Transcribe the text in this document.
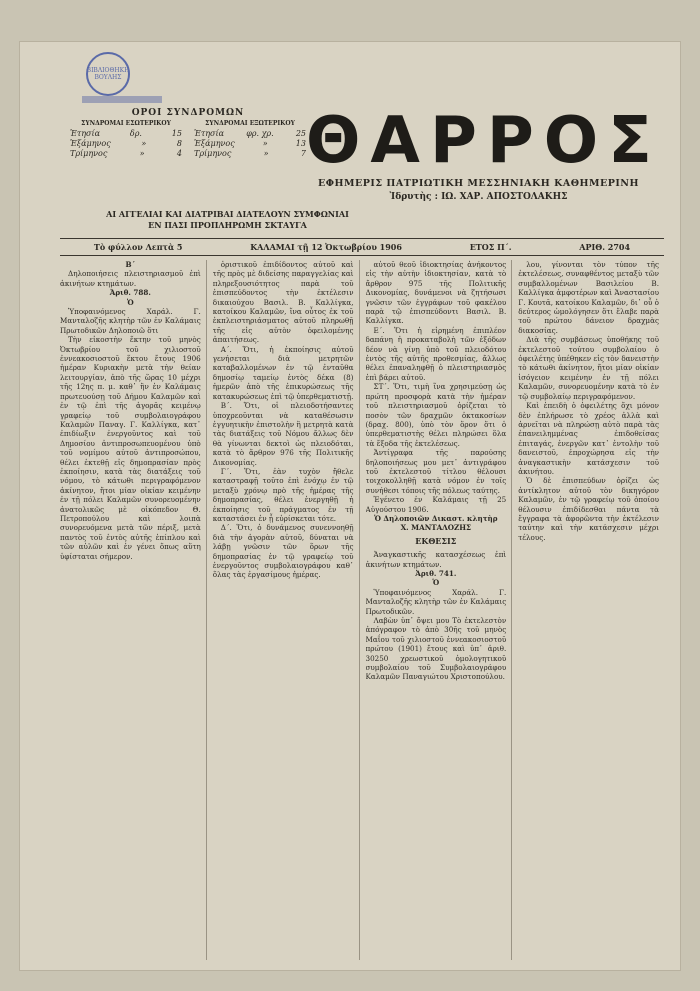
ΒΙΒΛΙΟΘΗΚΗ ΒΟΥΛΗΣ
ΟΡΟΙ ΣΥΝΔΡΟΜΩΝ
ΣΥΝΔΡΟΜΑΙ ΕΣΩΤΕΡΙΚΟΥ
Ἐτησία	δρ.	15
Ἑξάμηνος	»	8
Τρίμηνος	»	4
ΣΥΝΔΡΟΜΑΙ ΕΞΩΤΕΡΙΚΟΥ
Ἐτησία	φρ. χρ.	25
Ἑξάμηνος	»	13
Τρίμηνος	»	7 ΘΑΡΡΟΣ
ΕΦΗΜΕΡΙΣ ΠΑΤΡΙΩΤΙΚΗ ΜΕΣΣΗΝΙΑΚΗ ΚΑΘΗΜΕΡΙΝΗ
Ἰδρυτὴς : ΙΩ. ΧΑΡ. ΑΠΟΣΤΟΛΑΚΗΣ
ΑΙ ΑΓΓΕΛΙΑΙ ΚΑΙ ΔΙΑΤΡΙΒΑΙ ΔΙΑΤΕΛΟΥΝ ΣΥΜΦΩΝΙΑΙ
ΕΝ ΠΑΣΙ ΠΡΟΠΛΗΡΩΜΗ ΣΚΤΑΥΓΑ
Τὸ φύλλον Λεπτὰ 5	ΚΑΛΑΜΑΙ τῇ 12 Ὀκτωβρίου 1906	ΕΤΟΣ Π΄.	ΑΡΙΘ. 2704

Β΄

Δηλοποιήσεις πλειστηριασμοῦ ἐπὶ ἀκινήτων κτημάτων.

Ἀριθ. 788.

Ὁ

Ὑποφαινόμενος Χαράλ. Γ. Μανταλοζῆς κλητὴρ τῶν ἐν Καλάμαις Πρωτοδικῶν Δηλοποιῶ ὅτι

Τὴν εἰκοστὴν ἕκτην τοῦ μηνὸς Ὀκτωβρίου τοῦ χιλιοστοῦ ἐννεακοσιοστοῦ ἕκτου ἔτους 1906 ἡμέραν Κυριακὴν μετὰ τὴν θείαν λειτουργίαν, ἀπὸ τῆς ὥρας 10 μέχρι τῆς 12ης π. μ. καθ᾽ ἣν ἐν Καλάμαις πρωτευούσῃ τοῦ Δήμου Καλαμῶν καὶ ἐν τῷ ἐπὶ τῆς ἀγορᾶς κειμένῳ γραφείῳ τοῦ συμβολαιογράφου Καλαμῶν Παναγ. Γ. Καλλίγκα, κατ᾽ ἐπιδίωξιν ἐνεργοῦντος καὶ τοῦ Δημοσίου ἀντιπροσωπευομένου ὑπὸ τοῦ νομίμου αὐτοῦ ἀντιπροσώπου, θέλει ἐκτεθῇ εἰς δημοπρασίαν πρὸς ἐκποίησιν, κατὰ τὰς διατάξεις τοῦ νόμου, τὸ κάτωθι περιγραφόμενον ἀκίνητον, ἤτοι μίαν οἰκίαν κειμένην ἐν τῇ πόλει Καλαμῶν συνορευομένην ἀνατολικῶς μὲ οἰκόπεδον Θ. Πετροπούλου καὶ λοιπὰ συνορευόμενα μετὰ τῶν πέριξ, μετὰ παντὸς τοῦ ἐντὸς αὐτῆς ἐπίπλου καὶ τῶν αὐλῶν καὶ ἐν γένει ὅπως αὕτη ὑφίσταται σήμερον.

ὁριστικοῦ ἐπιδίδοντος αὐτοῦ καὶ τῆς πρὸς μὲ διδείσης παραγγελίας καὶ πληρεξουσιότητος παρὰ τοῦ ἐπισπεύδοντος τὴν ἐκτέλεσιν δικαιούχου Βασιλ. Β. Καλλίγκα, κατοίκου Καλαμῶν, ἵνα οὗτος ἐκ τοῦ ἐκπλειστηριάσματος αὐτοῦ πληρωθῇ τῆς εἰς αὐτὸν ὀφειλομένης ἀπαιτήσεως.

Α΄. Ὅτι, ἡ ἐκποίησις αὐτοῦ γενήσεται διὰ μετρητῶν καταβαλλομένων ἐν τῷ ἐνταῦθα δημοσίῳ ταμείῳ ἐντὸς δέκα (8) ἡμερῶν ἀπὸ τῆς ἐπικυρώσεως τῆς κατακυρώσεως ἐπὶ τῷ ὑπερθεματιστῇ.

Β΄. Ὅτι, οἱ πλειοδοτήσαντες ὑποχρεοῦνται νὰ καταθέσωσιν ἐγγυητικὴν ἐπιστολὴν ἢ μετρητὰ κατὰ τὰς διατάξεις τοῦ Νόμου ἄλλως δὲν θὰ γίνωνται δεκτοὶ ὡς πλειοδόται, κατὰ τὸ ἄρθρον 976 τῆς Πολιτικῆς Δικονομίας.

Γ΄. Ὅτι, ἐὰν τυχὸν ἤθελε καταστραφῇ τοῦτο ἐπὶ ἐνόχῳ ἐν τῷ μεταξὺ χρόνῳ πρὸ τῆς ἡμέρας τῆς δημοπρασίας, θέλει ἐνεργηθῇ ἡ ἐκποίησις τοῦ πράγματος ἐν τῇ καταστάσει ἐν ᾗ εὑρίσκεται τότε.

Δ΄. Ὅτι, ὁ δυνάμενος συνεννοηθῇ διὰ τὴν ἀγορὰν αὐτοῦ, δύναται νὰ λάβῃ γνῶσιν τῶν ὅρων τῆς δημοπρασίας ἐν τῷ γραφείῳ τοῦ ἐνεργοῦντος συμβολαιογράφου καθ᾽ ὅλας τὰς ἐργασίμους ἡμέρας.

αὐτοῦ θεοῦ ἰδιοκτησίας ἀνήκοντος εἰς τὴν αὐτὴν ἰδιοκτησίαν, κατὰ τὸ ἄρθρον 975 τῆς Πολιτικῆς Δικονομίας, δυνάμενοι νὰ ζητήσωσι γνῶσιν τῶν ἐγγράφων τοῦ φακέλου παρὰ τῷ ἐπισπεύδοντι Βασιλ. Β. Καλλίγκα.

Ε΄. Ὅτι ἡ εἰρημένη ἐπιπλέον δαπάνη ἡ προκαταβολὴ τῶν ἐξόδων δέον νὰ γίνῃ ὑπὸ τοῦ πλειοδότου ἐντὸς τῆς αὐτῆς προθεσμίας, ἄλλως θέλει ἐπαναληφθῇ ὁ πλειστηριασμὸς ἐπὶ βάρει αὐτοῦ.

ΣΤ΄. Ὅτι, τιμὴ ἵνα χρησιμεύσῃ ὡς πρώτη προσφορὰ κατὰ τὴν ἡμέραν τοῦ πλειστηριασμοῦ ὁρίζεται τὸ ποσὸν τῶν δραχμῶν ὀκτακοσίων (δραχ. 800), ὑπὸ τὸν ὅρον ὅτι ὁ ὑπερθεματιστὴς θέλει πληρώσει ὅλα τὰ ἔξοδα τῆς ἐκτελέσεως.

Ἀντίγραφα τῆς παρούσης δηλοποιήσεως μου μετ᾽ ἀντιγράφου τοῦ ἐκτελεστοῦ τίτλου θέλουσι τοιχοκολληθῇ κατὰ νόμον ἐν τοῖς συνήθεσι τόποις τῆς πόλεως ταύτης.

Ἐγένετο ἐν Καλάμαις τῇ 25 Αὐγούστου 1906.

Ὁ Δηλοποιῶν Δικαστ. κλητὴρ

Χ. ΜΑΝΤΑΛΟΖΗΣ

ΕΚΘΕΣΙΣ

Ἀναγκαστικῆς κατασχέσεως ἐπὶ ἀκινήτων κτημάτων.

Ἀριθ. 741.

Ὁ

Ὑποφαινόμενος Χαράλ. Γ. Μανταλοζῆς κλητὴρ τῶν ἐν Καλάμαις Πρωτοδικῶν.

Λαβὼν ὑπ᾽ ὄψει μου Τὸ ἐκτελεστὸν ἀπόγραφον τὸ ἀπὸ 30ῆς τοῦ μηνὸς Μαΐου τοῦ χιλιοστοῦ ἐννεακοσιοστοῦ πρώτου (1901) ἔτους καὶ ὑπ᾽ ἀριθ. 30250 χρεωστικοῦ ὁμολογητικοῦ συμβολαίου τοῦ Συμβολαιογράφου Καλαμῶν Παναγιώτου Χριστοπούλου.

λου, γίνονται τὸν τύπον τῆς ἐκτελέσεως, συναφθέντος μεταξὺ τῶν συμβαλλομένων Βασιλείου Β. Καλλίγκα ἀμφοτέρων καὶ Ἀναστασίου Γ. Κουτᾶ, κατοίκου Καλαμῶν, δι᾽ οὗ ὁ δεύτερος ὡμολόγησεν ὅτι ἔλαβε παρὰ τοῦ πρώτου δάνειον δραχμὰς διακοσίας.

Διὰ τῆς συμβάσεως ὑποθήκης τοῦ ἐκτελεστοῦ τούτου συμβολαίου ὁ ὀφειλέτης ὑπέθηκεν εἰς τὸν δανειστὴν τὸ κάτωθι ἀκίνητον, ἤτοι μίαν οἰκίαν ἰσόγειον κειμένην ἐν τῇ πόλει Καλαμῶν, συνορευομένην κατὰ τὸ ἐν τῷ συμβολαίῳ περιγραφόμενον.

Καὶ ἐπειδὴ ὁ ὀφειλέτης ὄχι μόνον δὲν ἐπλήρωσε τὸ χρέος ἀλλὰ καὶ ἀρνεῖται νὰ πληρώσῃ αὐτὸ παρὰ τὰς ἐπανειλημμένας ἐπιδοθείσας ἐπιταγάς, ἐνεργῶν κατ᾽ ἐντολὴν τοῦ δανειστοῦ, ἐπροχώρησα εἰς τὴν ἀναγκαστικὴν κατάσχεσιν τοῦ ἀκινήτου.

Ὁ δὲ ἐπισπεύδων ὁρίζει ὡς ἀντίκλητον αὐτοῦ τὸν δικηγόρον Καλαμῶν, ἐν τῷ γραφείῳ τοῦ ὁποίου θέλουσιν ἐπιδίδεσθαι πάντα τὰ ἔγγραφα τὰ ἀφορῶντα τὴν ἐκτέλεσιν ταύτην καὶ τὴν κατάσχεσιν μέχρι τέλους.
